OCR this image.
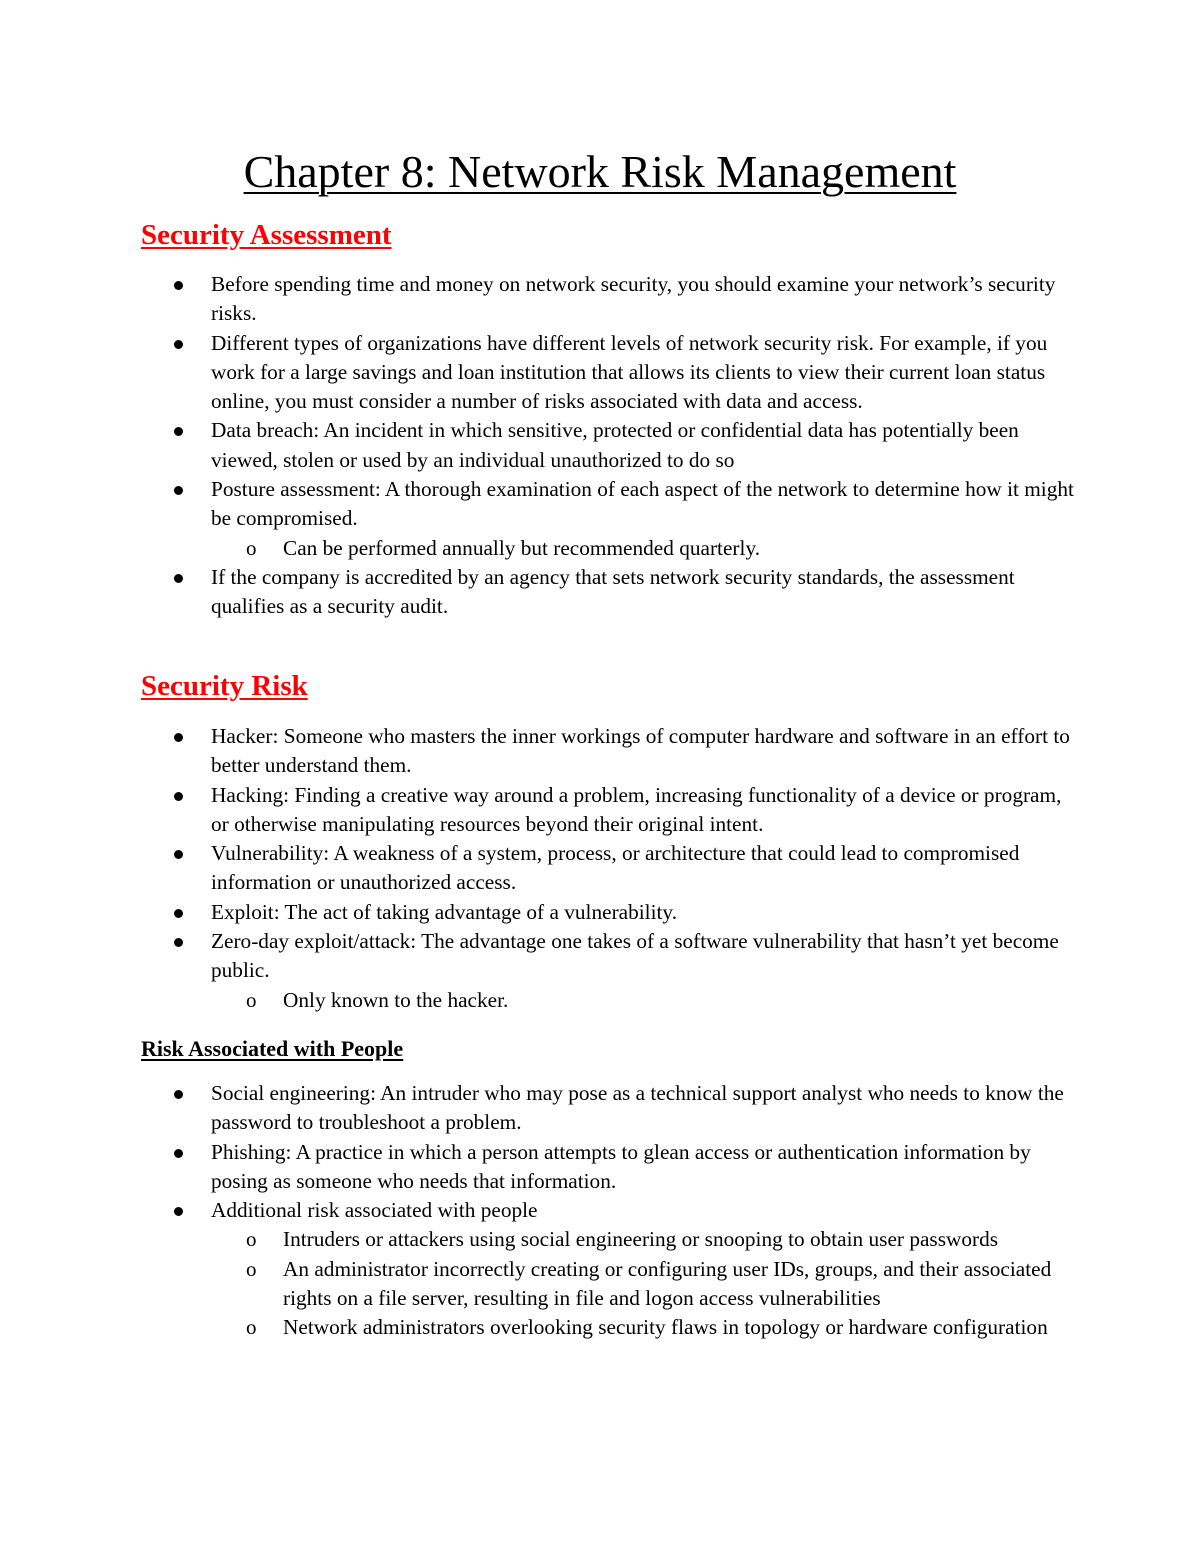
Chapter 8: Network Risk Management
Security Assessment
Before spending time and money on network security, you should examine your network’s security risks.
Different types of organizations have different levels of network security risk. For example, if you work for a large savings and loan institution that allows its clients to view their current loan status online, you must consider a number of risks associated with data and access.
Data breach: An incident in which sensitive, protected or confidential data has potentially been viewed, stolen or used by an individual unauthorized to do so
Posture assessment: A thorough examination of each aspect of the network to determine how it might be compromised.
o Can be performed annually but recommended quarterly.
If the company is accredited by an agency that sets network security standards, the assessment qualifies as a security audit.
Security Risk
Hacker: Someone who masters the inner workings of computer hardware and software in an effort to better understand them.
Hacking: Finding a creative way around a problem, increasing functionality of a device or program, or otherwise manipulating resources beyond their original intent.
Vulnerability: A weakness of a system, process, or architecture that could lead to compromised information or unauthorized access.
Exploit: The act of taking advantage of a vulnerability.
Zero-day exploit/attack: The advantage one takes of a software vulnerability that hasn’t yet become public.
o Only known to the hacker.
Risk Associated with People
Social engineering: An intruder who may pose as a technical support analyst who needs to know the password to troubleshoot a problem.
Phishing: A practice in which a person attempts to glean access or authentication information by posing as someone who needs that information.
Additional risk associated with people
o Intruders or attackers using social engineering or snooping to obtain user passwords
o An administrator incorrectly creating or configuring user IDs, groups, and their associated rights on a file server, resulting in file and logon access vulnerabilities
o Network administrators overlooking security flaws in topology or hardware configuration
